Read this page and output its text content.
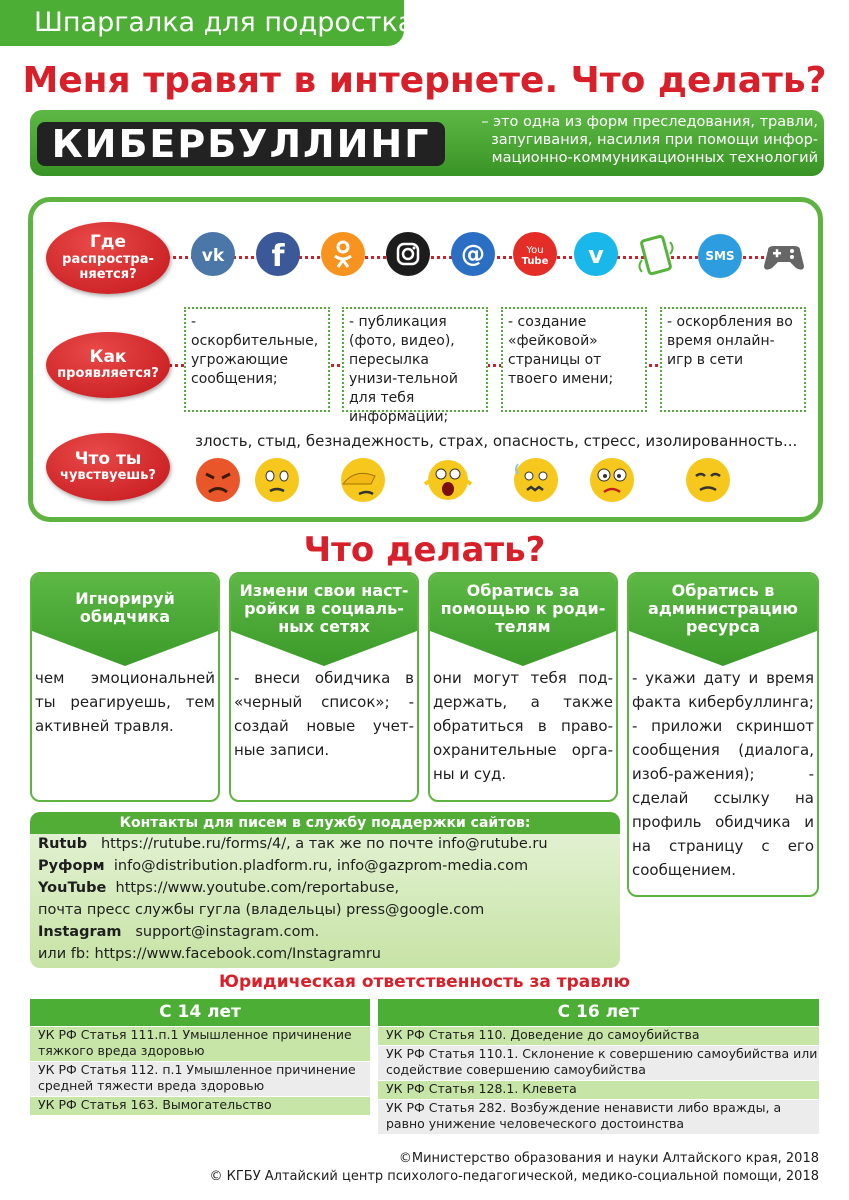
Шпаргалка для подростка
Меня травят в интернете. Что делать?
КИБЕРБУЛЛИНГ	– это одна из форм преследования, травли, запугивания, насилия при помощи инфор-мационно-коммуникационных технологий
Где
распростра-
няется?
vk f	@	You
Tube v	SMS
Как
проявляется?
- оскорбительные, угрожающие сообщения;
- публикация (фото, видео), пересылка унизи-тельной для тебя информации;
- создание «фейковой» страницы от твоего имени;
- оскорбления во время онлайн-игр в сети
Что ты
чувствуешь?
злость, стыд, безнадежность, страх, опасность, стресс, изолированность...
Что делать?
Игнорируй обидчика
чем эмоциональней ты реагируешь, тем активней травля.
Измени свои наст-ройки в социаль-ных сетях
- внеси обидчика в «черный список»; - создай новые учет-ные записи.
Обратись за помощью к роди-телям
они могут тебя под-держать, а также обратиться в право-охранительные орга-ны и суд.
Обратись в администрацию ресурса
- укажи дату и время факта кибербуллинга; - приложи скриншот сообщения (диалога, изоб-ражения); - сделай ссылку на профиль обидчика и на страницу с его сообщением.
Контакты для писем в службу поддержки сайтов:
Rutub https://rutube.ru/forms/4/, а так же по почте info@rutube.ru
Руформ info@distribution.pladform.ru, info@gazprom-media.com
YouTube https://www.youtube.com/reportabuse,
почта пресс службы гугла (владельцы) press@google.com
Instagram support@instagram.com.
или fb: https://www.facebook.com/Instagramru
Юридическая ответственность за травлю
С 14 лет	С 16 лет
УК РФ Статья 111.п.1 Умышленное причинение тяжкого вреда здоровью
УК РФ Статья 112. п.1 Умышленное причинение средней тяжести вреда здоровью
УК РФ Статья 163. Вымогательство
УК РФ Статья 110. Доведение до самоубийства
УК РФ Статья 110.1. Склонение к совершению самоубийства или содействие совершению самоубийства
УК РФ Статья 128.1. Клевета
УК РФ Статья 282. Возбуждение ненависти либо вражды, а равно унижение человеческого достоинства
©Министерство образования и науки Алтайского края, 2018
© КГБУ Алтайский центр психолого-педагогической, медико-социальной помощи, 2018
